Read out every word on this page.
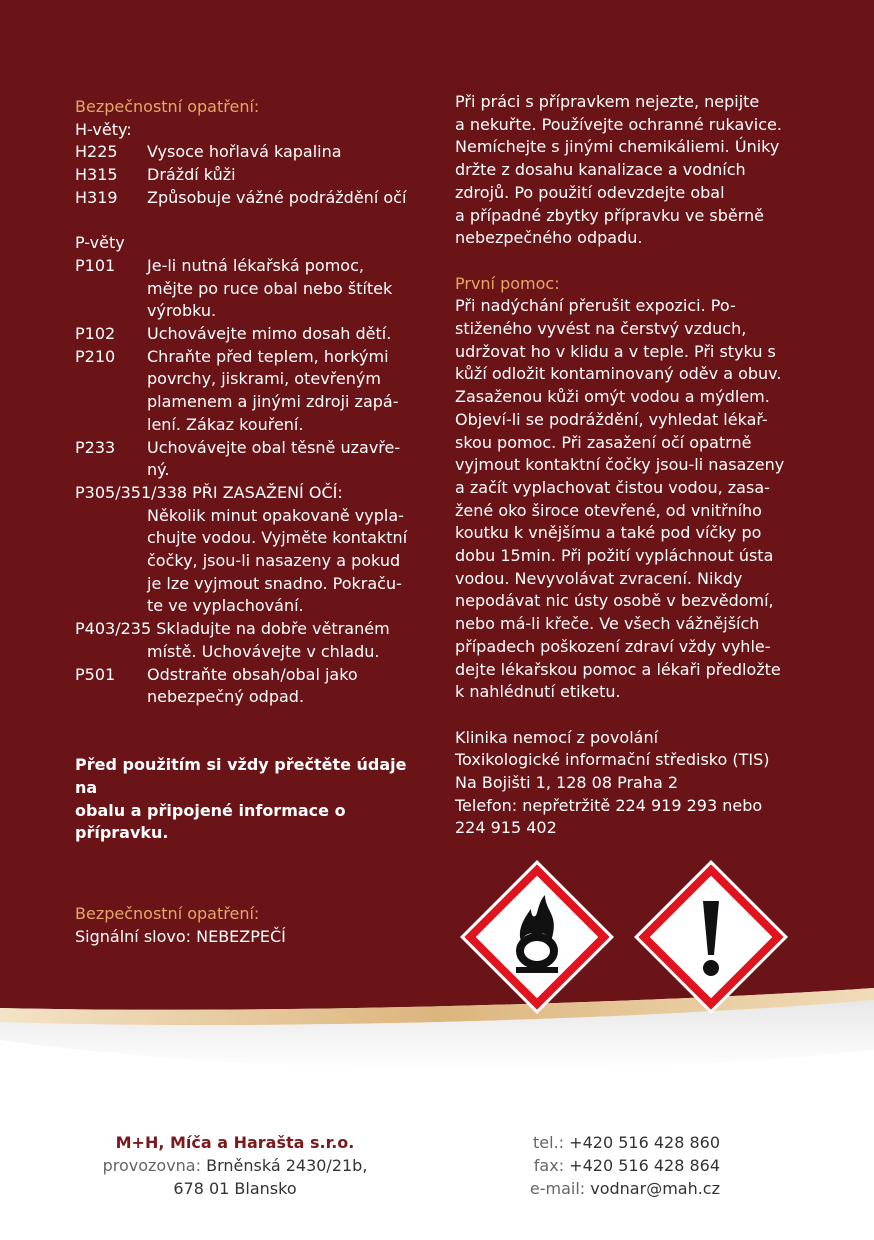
Bezpečnostní opatření:
H-věty:
H225	Vysoce hořlavá kapalina
H315	Dráždí kůži
H319	Způsobuje vážné podráždění očí
P-věty
P101	Je-li nutná lékařská pomoc,
mějte po ruce obal nebo štítek
výrobku.
P102	Uchovávejte mimo dosah dětí.
P210	Chraňte před teplem, horkými
povrchy, jiskrami, otevřeným
plamenem a jinými zdroji zapá-
lení. Zákaz kouření.
P233	Uchovávejte obal těsně uzavře-
ný.
P305/351/338 PŘI ZASAŽENÍ OČÍ:
Několik minut opakovaně vypla-
chujte vodou. Vyjměte kontaktní
čočky, jsou-li nasazeny a pokud
je lze vyjmout snadno. Pokraču-
te ve vyplachování.
P403/235 Skladujte na dobře větraném
místě. Uchovávejte v chladu.
P501	Odstraňte obsah/obal jako
nebezpečný odpad.
Před použitím si vždy přečtěte údaje na
obalu a připojené informace o přípravku.
Při práci s přípravkem nejezte, nepijte
a nekuřte. Používejte ochranné rukavice.
Nemíchejte s jinými chemikáliemi. Úniky
držte z dosahu kanalizace a vodních
zdrojů. Po použití odevzdejte obal
a případné zbytky přípravku ve sběrně
nebezpečného odpadu.
První pomoc:
Při nadýchání přerušit expozici. Po-
stiženého vyvést na čerstvý vzduch,
udržovat ho v klidu a v teple. Při styku s
kůží odložit kontaminovaný oděv a obuv.
Zasaženou kůži omýt vodou a mýdlem.
Objeví-li se podráždění, vyhledat lékař-
skou pomoc. Při zasažení očí opatrně
vyjmout kontaktní čočky jsou-li nasazeny
a začít vyplachovat čistou vodou, zasa-
žené oko široce otevřené, od vnitřního
koutku k vnějšímu a také pod víčky po
dobu 15min. Při požití vypláchnout ústa
vodou. Nevyvolávat zvracení. Nikdy
nepodávat nic ústy osobě v bezvědomí,
nebo má-li křeče. Ve všech vážnějších
případech poškození zdraví vždy vyhle-
dejte lékařskou pomoc a lékaři předložte
k nahlédnutí etiketu.
Klinika nemocí z povolání
Toxikologické informační středisko (TIS)
Na Bojišti 1, 128 08 Praha 2
Telefon: nepřetržitě 224 919 293 nebo
224 915 402
Bezpečnostní opatření:
Signální slovo: NEBEZPEČÍ
M+H, Míča a Harašta s.r.o.
provozovna: Brněnská 2430/21b,
678 01 Blansko
tel.: +420 516 428 860
fax: +420 516 428 864
e-mail: vodnar@mah.cz
